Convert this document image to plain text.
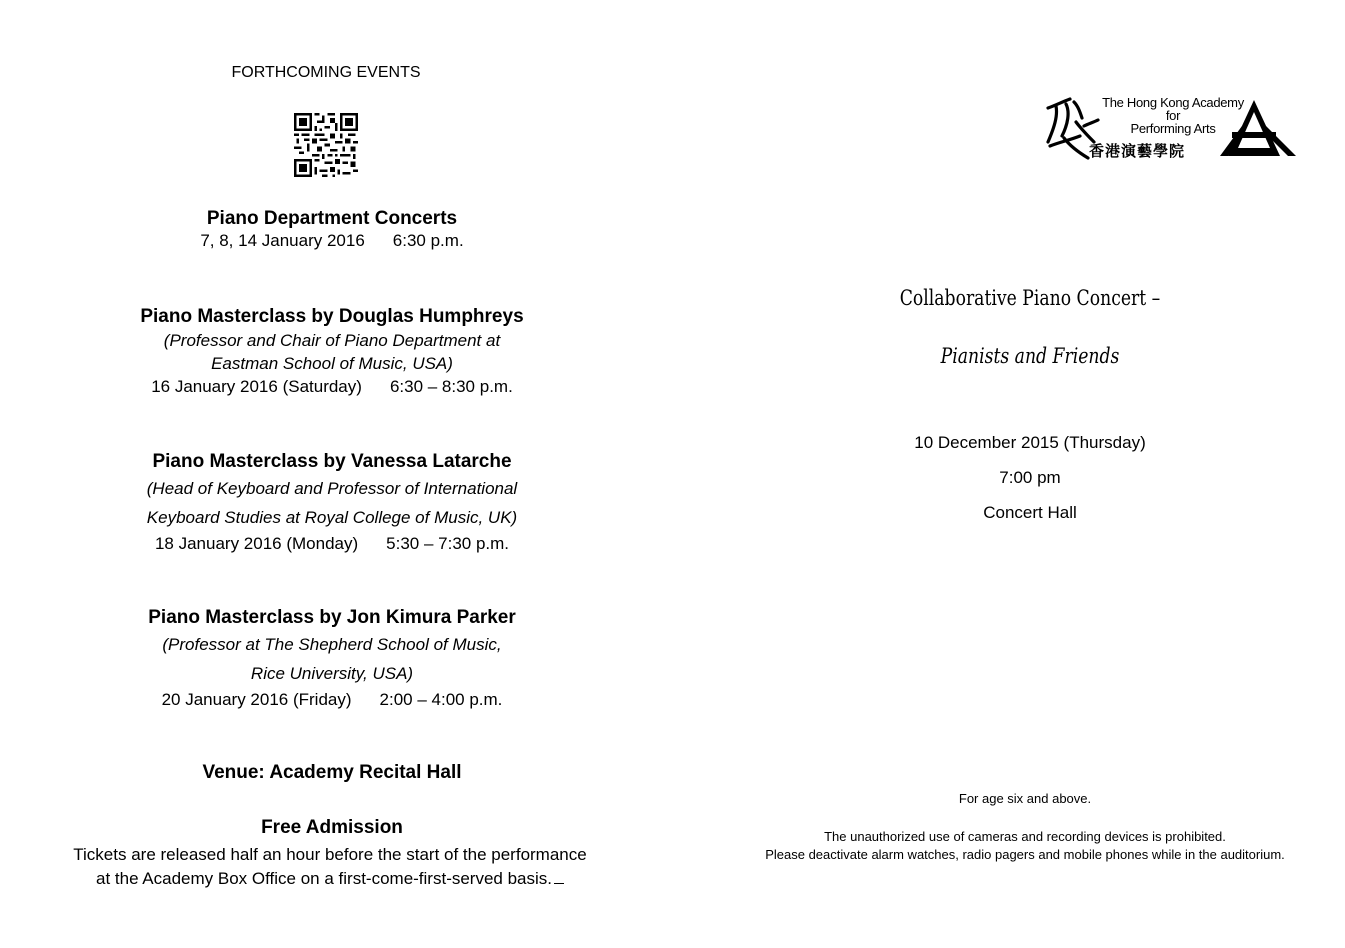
FORTHCOMING EVENTS
Piano Department Concerts
7, 8, 14 January 2016 6:30 p.m.
Piano Masterclass by Douglas Humphreys
(Professor and Chair of Piano Department at
Eastman School of Music, USA)
16 January 2016 (Saturday) 6:30 – 8:30 p.m.
Piano Masterclass by Vanessa Latarche
(Head of Keyboard and Professor of International
Keyboard Studies at Royal College of Music, UK)
18 January 2016 (Monday) 5:30 – 7:30 p.m.
Piano Masterclass by Jon Kimura Parker
(Professor at The Shepherd School of Music,
Rice University, USA)
20 January 2016 (Friday) 2:00 – 4:00 p.m.
Venue: Academy Recital Hall
Free Admission
Tickets are released half an hour before the start of the performance
at the Academy Box Office on a first-come-first-served basis.
The Hong Kong Academy
for
Performing Arts
香港演藝學院
Collaborative Piano Concert –
Pianists and Friends
10 December 2015 (Thursday)
7:00 pm
Concert Hall
For age six and above.
The unauthorized use of cameras and recording devices is prohibited.
Please deactivate alarm watches, radio pagers and mobile phones while in the auditorium.
